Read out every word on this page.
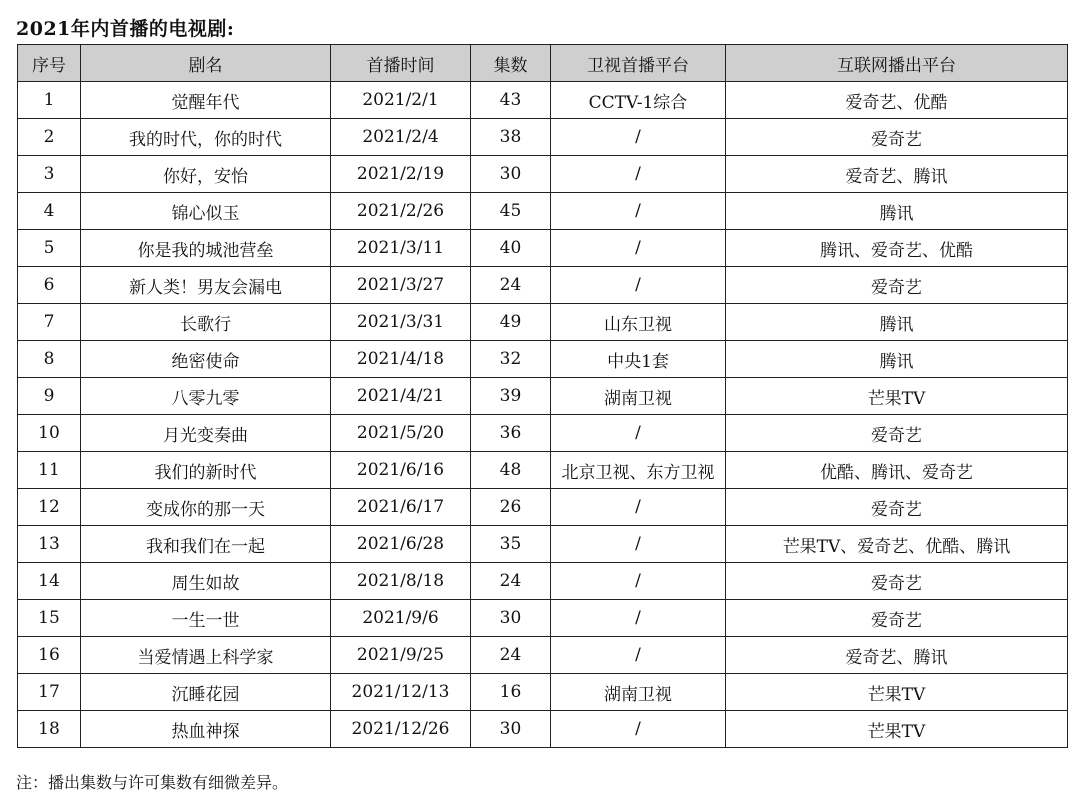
2021年内首播的电视剧:
序号	剧名	首播时间	集数	卫视首播平台	互联网播出平台
1	觉醒年代	2021/2/1	43	CCTV-1综合	爱奇艺、优酷
2	我的时代，你的时代	2021/2/4	38	/	爱奇艺
3	你好，安怡	2021/2/19	30	/	爱奇艺、腾讯
4	锦心似玉	2021/2/26	45	/	腾讯
5	你是我的城池营垒	2021/3/11	40	/	腾讯、爱奇艺、优酷
6	新人类！男友会漏电	2021/3/27	24	/	爱奇艺
7	长歌行	2021/3/31	49	山东卫视	腾讯
8	绝密使命	2021/4/18	32	中央1套	腾讯
9	八零九零	2021/4/21	39	湖南卫视	芒果TV
10	月光变奏曲	2021/5/20	36	/	爱奇艺
11	我们的新时代	2021/6/16	48	北京卫视、东方卫视	优酷、腾讯、爱奇艺
12	变成你的那一天	2021/6/17	26	/	爱奇艺
13	我和我们在一起	2021/6/28	35	/	芒果TV、爱奇艺、优酷、腾讯
14	周生如故	2021/8/18	24	/	爱奇艺
15	一生一世	2021/9/6	30	/	爱奇艺
16	当爱情遇上科学家	2021/9/25	24	/	爱奇艺、腾讯
17	沉睡花园	2021/12/13	16	湖南卫视	芒果TV
18	热血神探	2021/12/26	30	/	芒果TV
注：播出集数与许可集数有细微差异。
